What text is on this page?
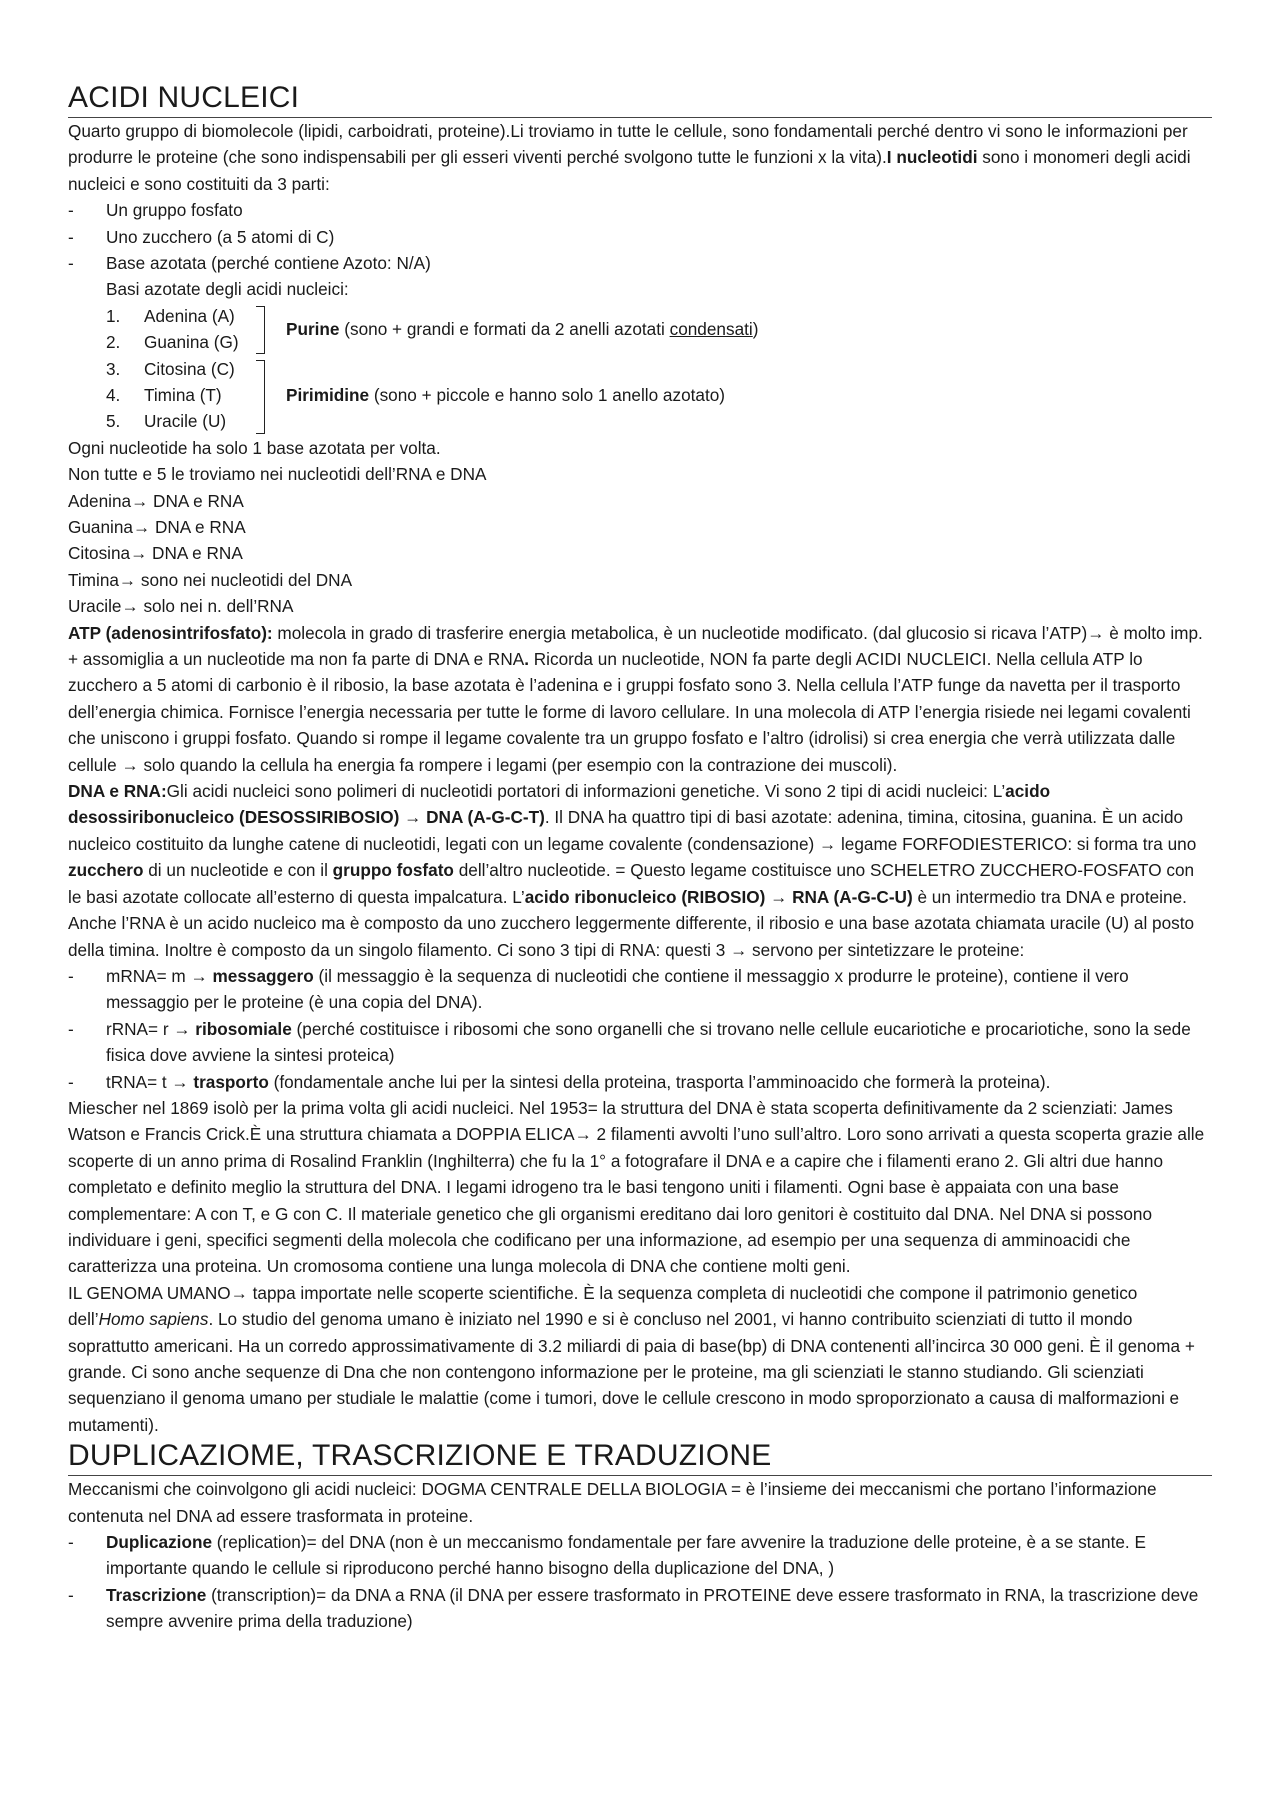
ACIDI NUCLEICI

Quarto gruppo di biomolecole (lipidi, carboidrati, proteine).Li troviamo in tutte le cellule, sono fondamentali perché dentro vi sono le informazioni per produrre le proteine (che sono indispensabili per gli esseri viventi perché svolgono tutte le funzioni x la vita).I nucleotidi sono i monomeri degli acidi nucleici e sono costituiti da 3 parti:

-	Un gruppo fosfato
-	Uno zucchero (a 5 atomi di C)
-	Base azotata (perché contiene Azoto: N/A)

Basi azotate degli acidi nucleici:

1.	Adenina (A)
2.	Guanina (G)
3.	Citosina (C)
4.	Timina (T)
5.	Uracile (U)
Purine (sono + grandi e formati da 2 anelli azotati condensati)
Pirimidine (sono + piccole e hanno solo 1 anello azotato)

Ogni nucleotide ha solo 1 base azotata per volta.

Non tutte e 5 le troviamo nei nucleotidi dell’RNA e DNA

Adenina→ DNA e RNA

Guanina→ DNA e RNA

Citosina→ DNA e RNA

Timina→ sono nei nucleotidi del DNA

Uracile→ solo nei n. dell’RNA

ATP (adenosintrifosfato): molecola in grado di trasferire energia metabolica, è un nucleotide modificato. (dal glucosio si ricava l’ATP)→ è molto imp. + assomiglia a un nucleotide ma non fa parte di DNA e RNA. Ricorda un nucleotide, NON fa parte degli ACIDI NUCLEICI. Nella cellula ATP lo zucchero a 5 atomi di carbonio è il ribosio, la base azotata è l’adenina e i gruppi fosfato sono 3. Nella cellula l’ATP funge da navetta per il trasporto dell’energia chimica. Fornisce l’energia necessaria per tutte le forme di lavoro cellulare. In una molecola di ATP l’energia risiede nei legami covalenti che uniscono i gruppi fosfato. Quando si rompe il legame covalente tra un gruppo fosfato e l’altro (idrolisi) si crea energia che verrà utilizzata dalle cellule → solo quando la cellula ha energia fa rompere i legami (per esempio con la contrazione dei muscoli).

DNA e RNA:Gli acidi nucleici sono polimeri di nucleotidi portatori di informazioni genetiche. Vi sono 2 tipi di acidi nucleici: L’acido desossiribonucleico (DESOSSIRIBOSIO) → DNA (A-G-C-T). Il DNA ha quattro tipi di basi azotate: adenina, timina, citosina, guanina. È un acido nucleico costituito da lunghe catene di nucleotidi, legati con un legame covalente (condensazione) → legame FORFODIESTERICO: si forma tra uno zucchero di un nucleotide e con il gruppo fosfato dell’altro nucleotide. = Questo legame costituisce uno SCHELETRO ZUCCHERO-FOSFATO con le basi azotate collocate all’esterno di questa impalcatura. L’acido ribonucleico (RIBOSIO) → RNA (A-G-C-U) è un intermedio tra DNA e proteine. Anche l’RNA è un acido nucleico ma è composto da uno zucchero leggermente differente, il ribosio e una base azotata chiamata uracile (U) al posto della timina. Inoltre è composto da un singolo filamento. Ci sono 3 tipi di RNA: questi 3 → servono per sintetizzare le proteine:

-	mRNA= m → messaggero (il messaggio è la sequenza di nucleotidi che contiene il messaggio x produrre le proteine), contiene il vero messaggio per le proteine (è una copia del DNA).
-	rRNA= r → ribosomiale (perché costituisce i ribosomi che sono organelli che si trovano nelle cellule eucariotiche e procariotiche, sono la sede fisica dove avviene la sintesi proteica)
-	tRNA= t → trasporto (fondamentale anche lui per la sintesi della proteina, trasporta l’amminoacido che formerà la proteina).

Miescher nel 1869 isolò per la prima volta gli acidi nucleici. Nel 1953= la struttura del DNA è stata scoperta definitivamente da 2 scienziati: James Watson e Francis Crick.È una struttura chiamata a DOPPIA ELICA→ 2 filamenti avvolti l’uno sull’altro. Loro sono arrivati a questa scoperta grazie alle scoperte di un anno prima di Rosalind Franklin (Inghilterra) che fu la 1° a fotografare il DNA e a capire che i filamenti erano 2. Gli altri due hanno completato e definito meglio la struttura del DNA. I legami idrogeno tra le basi tengono uniti i filamenti. Ogni base è appaiata con una base complementare: A con T, e G con C. Il materiale genetico che gli organismi ereditano dai loro genitori è costituito dal DNA. Nel DNA si possono individuare i geni, specifici segmenti della molecola che codificano per una informazione, ad esempio per una sequenza di amminoacidi che caratterizza una proteina. Un cromosoma contiene una lunga molecola di DNA che contiene molti geni.

IL GENOMA UMANO→ tappa importate nelle scoperte scientifiche. È la sequenza completa di nucleotidi che compone il patrimonio genetico dell’Homo sapiens. Lo studio del genoma umano è iniziato nel 1990 e si è concluso nel 2001, vi hanno contribuito scienziati di tutto il mondo soprattutto americani. Ha un corredo approssimativamente di 3.2 miliardi di paia di base(bp) di DNA contenenti all’incirca 30 000 geni. È il genoma + grande. Ci sono anche sequenze di Dna che non contengono informazione per le proteine, ma gli scienziati le stanno studiando. Gli scienziati sequenziano il genoma umano per studiale le malattie (come i tumori, dove le cellule crescono in modo sproporzionato a causa di malformazioni e mutamenti).

DUPLICAZIOME, TRASCRIZIONE E TRADUZIONE

Meccanismi che coinvolgono gli acidi nucleici: DOGMA CENTRALE DELLA BIOLOGIA = è l’insieme dei meccanismi che portano l’informazione contenuta nel DNA ad essere trasformata in proteine.

-	Duplicazione (replication)= del DNA (non è un meccanismo fondamentale per fare avvenire la traduzione delle proteine, è a se stante. E importante quando le cellule si riproducono perché hanno bisogno della duplicazione del DNA, )
-	Trascrizione (transcription)= da DNA a RNA (il DNA per essere trasformato in PROTEINE deve essere trasformato in RNA, la trascrizione deve sempre avvenire prima della traduzione)
